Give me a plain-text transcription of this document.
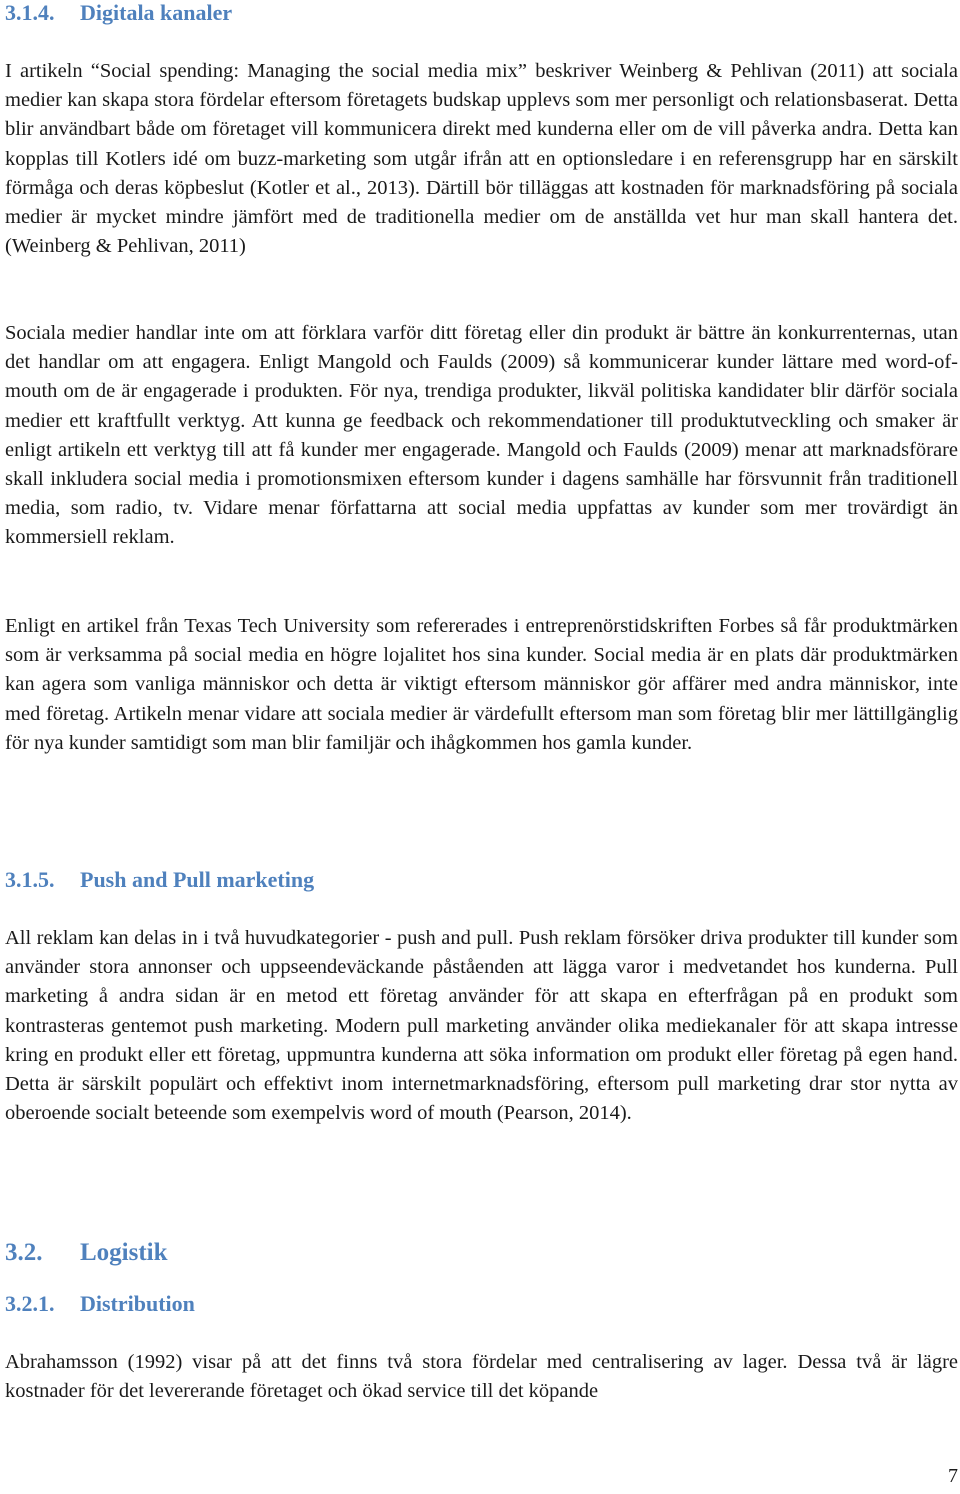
3.1.4. Digitala kanaler

I artikeln “Social spending: Managing the social media mix” beskriver Weinberg & Pehlivan (2011) att sociala medier kan skapa stora fördelar eftersom företagets budskap upplevs som mer personligt och relationsbaserat. Detta blir användbart både om företaget vill kommunicera direkt med kunderna eller om de vill påverka andra. Detta kan kopplas till Kotlers idé om buzz-marketing som utgår ifrån att en optionsledare i en referensgrupp har en särskilt förmåga och deras köpbeslut (Kotler et al., 2013). Därtill bör tilläggas att kostnaden för marknadsföring på sociala medier är mycket mindre jämfört med de traditionella medier om de anställda vet hur man skall hantera det. (Weinberg & Pehlivan, 2011)

Sociala medier handlar inte om att förklara varför ditt företag eller din produkt är bättre än konkurrenternas, utan det handlar om att engagera. Enligt Mangold och Faulds (2009) så kommunicerar kunder lättare med word-of-mouth om de är engagerade i produkten. För nya, trendiga produkter, likväl politiska kandidater blir därför sociala medier ett kraftfullt verktyg. Att kunna ge feedback och rekommendationer till produktutveckling och smaker är enligt artikeln ett verktyg till att få kunder mer engagerade. Mangold och Faulds (2009) menar att marknadsförare skall inkludera social media i promotionsmixen eftersom kunder i dagens samhälle har försvunnit från traditionell media, som radio, tv. Vidare menar författarna att social media uppfattas av kunder som mer trovärdigt än kommersiell reklam.

Enligt en artikel från Texas Tech University som refererades i entreprenörstidskriften Forbes så får produktmärken som är verksamma på social media en högre lojalitet hos sina kunder. Social media är en plats där produktmärken kan agera som vanliga människor och detta är viktigt eftersom människor gör affärer med andra människor, inte med företag. Artikeln menar vidare att sociala medier är värdefullt eftersom man som företag blir mer lättillgänglig för nya kunder samtidigt som man blir familjär och ihågkommen hos gamla kunder.

3.1.5. Push and Pull marketing

All reklam kan delas in i två huvudkategorier - push and pull. Push reklam försöker driva produkter till kunder som använder stora annonser och uppseendeväckande påståenden att lägga varor i medvetandet hos kunderna. Pull marketing å andra sidan är en metod ett företag använder för att skapa en efterfrågan på en produkt som kontrasteras gentemot push marketing. Modern pull marketing använder olika mediekanaler för att skapa intresse kring en produkt eller ett företag, uppmuntra kunderna att söka information om produkt eller företag på egen hand. Detta är särskilt populärt och effektivt inom internetmarknadsföring, eftersom pull marketing drar stor nytta av oberoende socialt beteende som exempelvis word of mouth (Pearson, 2014).

3.2. Logistik
3.2.1. Distribution

Abrahamsson (1992) visar på att det finns två stora fördelar med centralisering av lager. Dessa två är lägre kostnader för det levererande företaget och ökad service till det köpande

7
